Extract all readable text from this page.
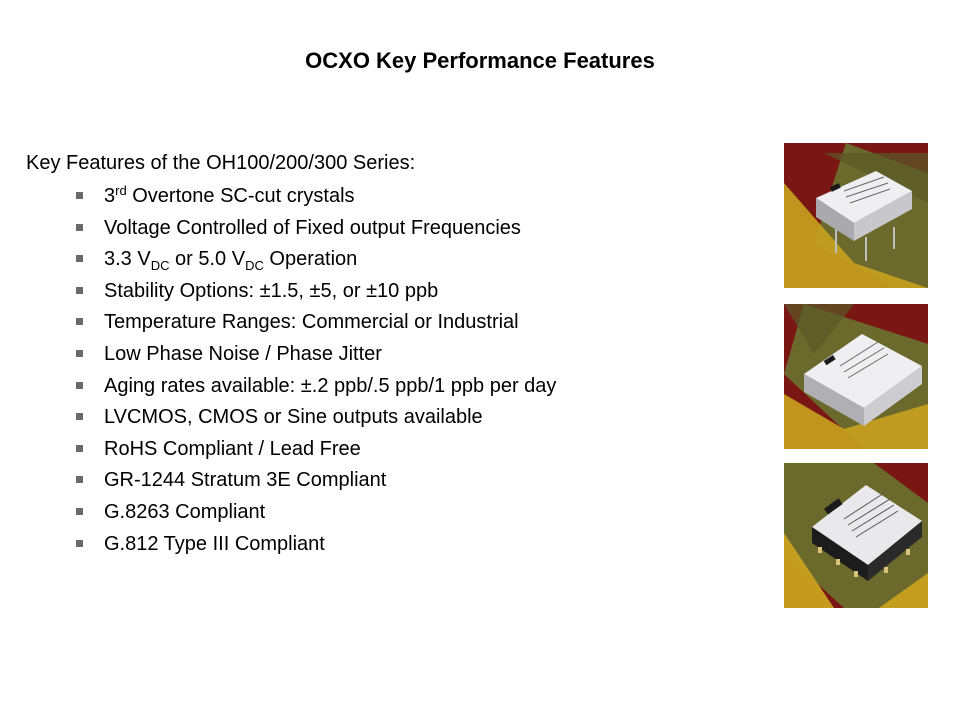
OCXO Key Performance Features
Key Features of the OH100/200/300 Series:
3rd Overtone SC-cut crystals
Voltage Controlled of Fixed output Frequencies
3.3 $V_{DC}$ or 5.0 $V_{DC}$ Operation
Stability Options: ±1.5, ±5, or ±10 ppb
Temperature Ranges: Commercial or Industrial
Low Phase Noise / Phase Jitter
Aging rates available: ±.2 ppb/.5 ppb/1 ppb per day
LVCMOS, CMOS or Sine outputs available
RoHS Compliant / Lead Free
GR-1244 Stratum 3E Compliant
G.8263 Compliant
G.812 Type III Compliant
